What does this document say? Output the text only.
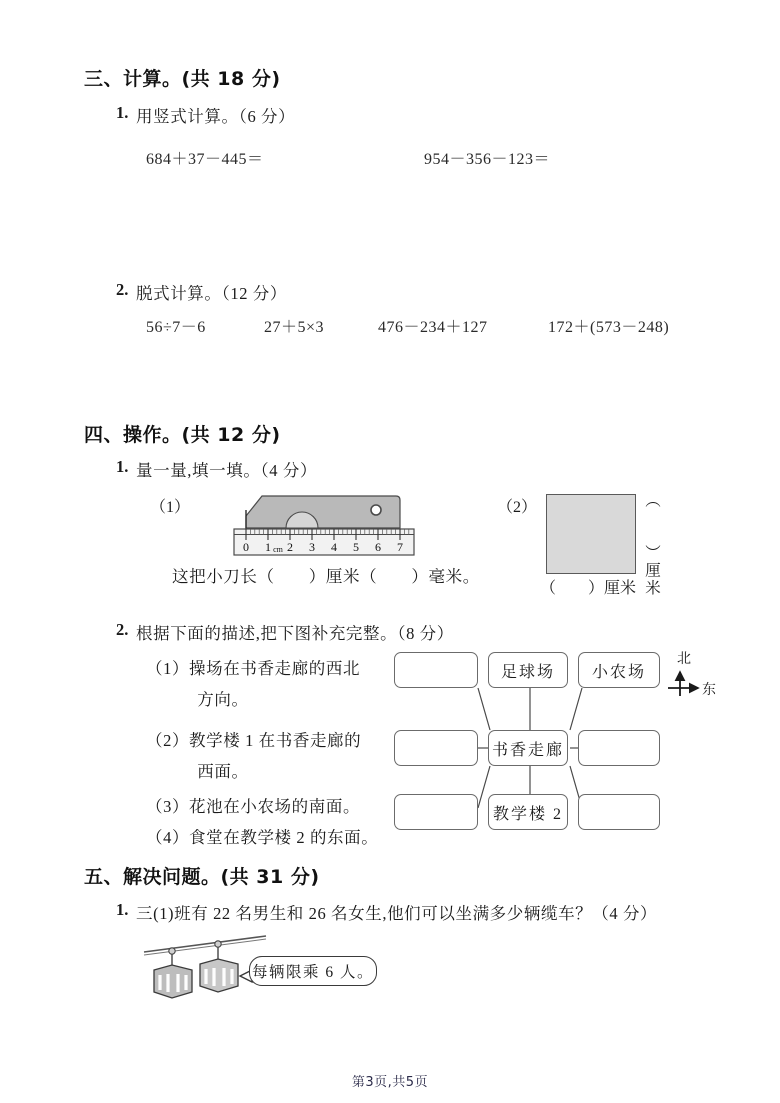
三、计算。(共 18 分)
1. 用竖式计算。（6 分）
684＋37－445＝	954－356－123＝
2. 脱式计算。（12 分）
56÷7－6	27＋5×3	476－234＋127	172＋(573－248)
四、操作。(共 12 分)
1. 量一量,填一填。（4 分）
（1）
0 1 2 3 4 5 6 7
cm
这把小刀长（　　）厘米（　　）毫米。
（2）	（　　）厘米
（　　）厘米
2. 根据下面的描述,把下图补充完整。（8 分）
（1）操场在书香走廊的西北
　　　方向。
（2）教学楼 1 在书香走廊的
　　　西面。
（3）花池在小农场的南面。
（4）食堂在教学楼 2 的东面。
足球场	小农场
书香走廊
教学楼 2
北
东
五、解决问题。(共 31 分)
1. 三(1)班有 22 名男生和 26 名女生,他们可以坐满多少辆缆车？（4 分）
每辆限乘 6 人。
第3页,共5页
